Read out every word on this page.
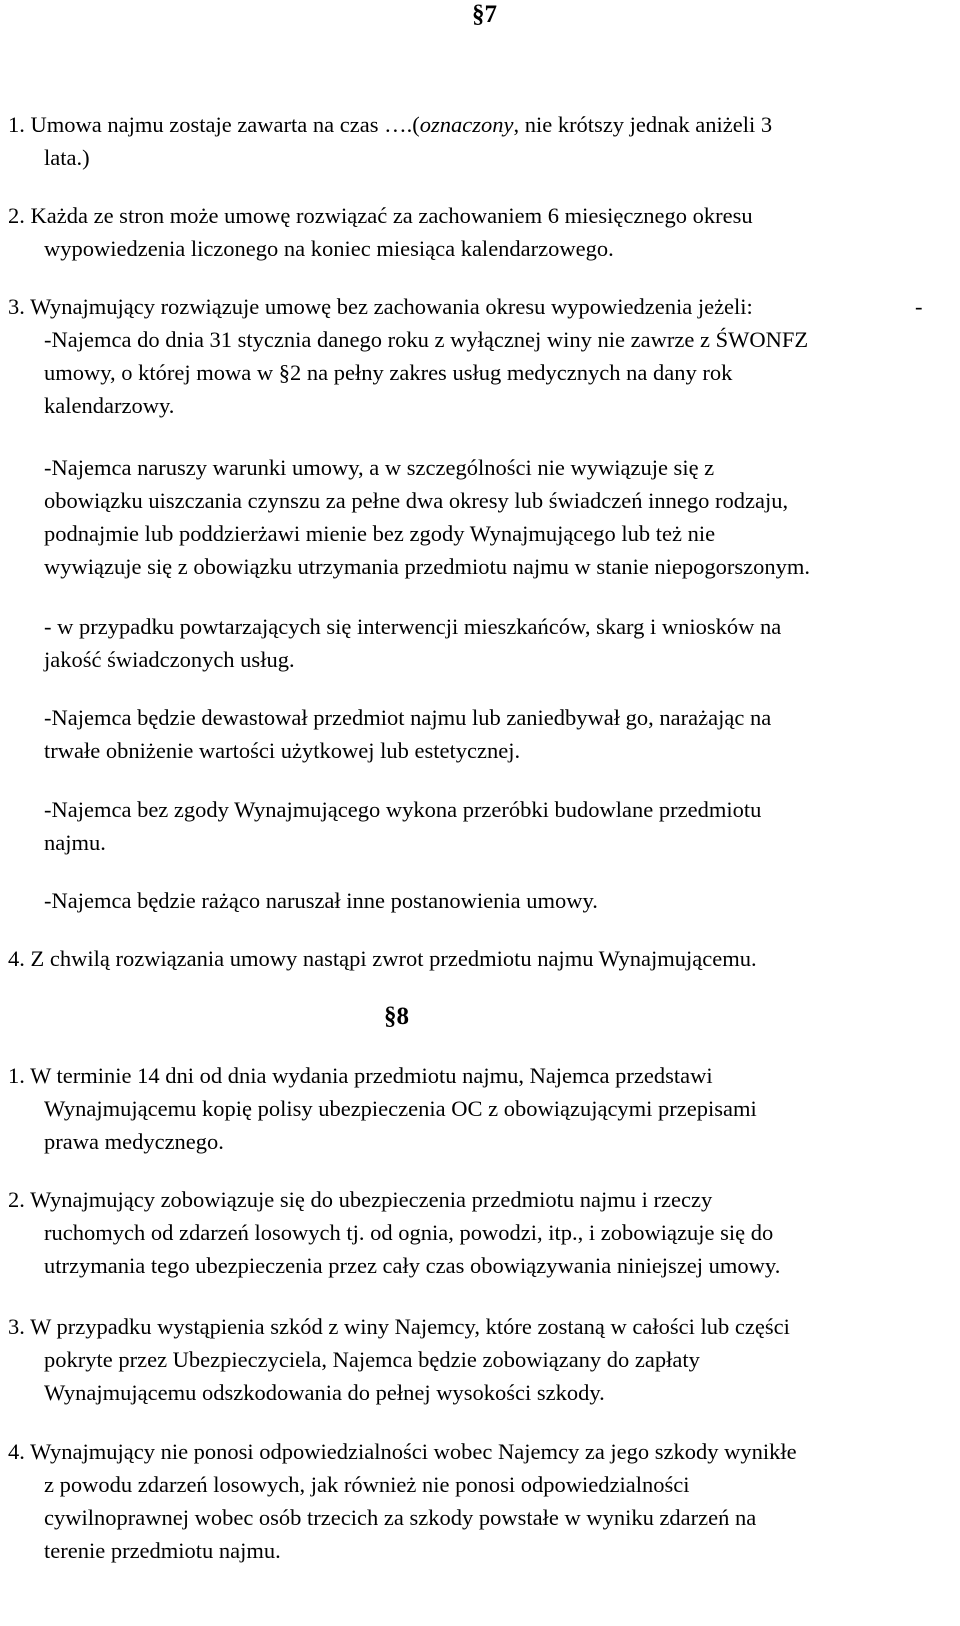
§7
1. Umowa najmu zostaje zawarta na czas ….(oznaczony, nie krótszy jednak aniżeli 3
lata.)
2. Każda ze stron może umowę rozwiązać za zachowaniem 6 miesięcznego okresu
wypowiedzenia liczonego na koniec miesiąca kalendarzowego.
3. Wynajmujący rozwiązuje umowę bez zachowania okresu wypowiedzenia jeżeli:	-
-Najemca do dnia 31 stycznia danego roku z wyłącznej winy nie zawrze z ŚWONFZ
umowy, o której mowa w §2 na pełny zakres usług medycznych na dany rok
kalendarzowy.
-Najemca naruszy warunki umowy, a w szczególności nie wywiązuje się z
obowiązku uiszczania czynszu za pełne dwa okresy lub świadczeń innego rodzaju,
podnajmie lub poddzierżawi mienie bez zgody Wynajmującego lub też nie
wywiązuje się z obowiązku utrzymania przedmiotu najmu w stanie niepogorszonym.
- w przypadku powtarzających się interwencji mieszkańców, skarg i wniosków na
jakość świadczonych usług.
-Najemca będzie dewastował przedmiot najmu lub zaniedbywał go, narażając na
trwałe obniżenie wartości użytkowej lub estetycznej.
-Najemca bez zgody Wynajmującego wykona przeróbki budowlane przedmiotu
najmu.
-Najemca będzie rażąco naruszał inne postanowienia umowy.
4. Z chwilą rozwiązania umowy nastąpi zwrot przedmiotu najmu Wynajmującemu.
§8
1. W terminie 14 dni od dnia wydania przedmiotu najmu, Najemca przedstawi
Wynajmującemu kopię polisy ubezpieczenia OC z obowiązującymi przepisami
prawa medycznego.
2. Wynajmujący zobowiązuje się do ubezpieczenia przedmiotu najmu i rzeczy
ruchomych od zdarzeń losowych tj. od ognia, powodzi, itp., i zobowiązuje się do
utrzymania tego ubezpieczenia przez cały czas obowiązywania niniejszej umowy.
3. W przypadku wystąpienia szkód z winy Najemcy, które zostaną w całości lub części
pokryte przez Ubezpieczyciela, Najemca będzie zobowiązany do zapłaty
Wynajmującemu odszkodowania do pełnej wysokości szkody.
4. Wynajmujący nie ponosi odpowiedzialności wobec Najemcy za jego szkody wynikłe
z powodu zdarzeń losowych, jak również nie ponosi odpowiedzialności
cywilnoprawnej wobec osób trzecich za szkody powstałe w wyniku zdarzeń na
terenie przedmiotu najmu.
